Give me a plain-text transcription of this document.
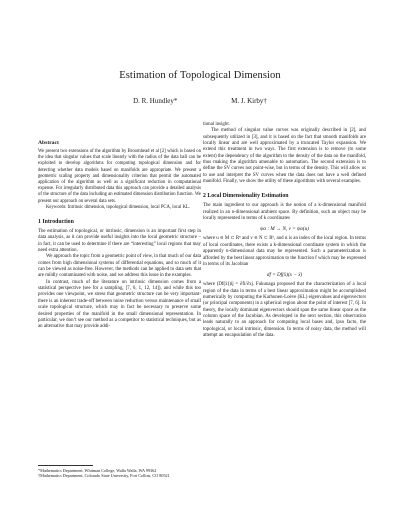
Estimation of Topological Dimension
D. R. Hundley*	M. J. Kirby†
Abstract

We present two extensions of the algorithm by Broomhead et al [2] which is based on the idea that singular values that scale linearly with the radius of the data ball can be exploited to develop algorithms for computing topological dimension and for detecting whether data models based on manifolds are appropriate. We present a geometric scaling property and dimensionality criterion that permit the automated application of the algorithm as well as a significant reduction in computational expense. For irregularly distributed data this approach can provide a detailed analysis of the structure of the data including an estimated dimension distribution function. We present our approach on several data sets.

Keywords: Intrinsic dimension, topological dimension, local PCA, local KL.

1 Introduction

The estimation of topological, or intrinsic, dimension is an important first step in data analysis, as it can provide useful insights into the local geometric structure – in fact, it can be used to determine if there are “interesting” local regions that may need extra attention.

We approach the topic from a geometric point of view, in that much of our data comes from high dimensional systems of differential equations, and so much of it can be viewed as noise-free. However, the methods can be applied to data sets that are mildly contaminated with noise, and we address this issue in the examples.

In contrast, much of the literature on intrinsic dimension comes from a statistical perspective (see for a sampling, [7, 6, 1, 12, 14]), and while this too provides one viewpoint, we stress that geometric structure can be very important- there is an inherent trade-off between noise reduction versus maintenance of small scale topological structure, which may in fact be necessary to preserve some desired properties of the manifold in the small dimensional representation. In particular, we don’t see our method as a competitor to statistical techniques, but as an alternative that may provide addi-

tional insight.

The method of singular value curves was originally described in [2], and subsequently utilized in [3], and it is based on the fact that smooth manifolds are locally linear and are well approximated by a truncated Taylor expansion. We extend this treatment in two ways. The first extension is to remove (to some extent) the dependency of the algorithm to the density of the data on the manifold, thus making the algorithm amenable to automation. The second extension is to define the SV curves not point-wise, but in terms of the density. This will allow us to use and interpret the SV curves when the data does not have a well defined manifold. Finally, we show the utility of these algorithms with several examples.

2 Local Dimensionality Estimation

The main ingredient to our approach is the notion of a k-dimensional manifold realized in an n-dimensional ambient space. By definition, such an object may be locally represented in terms of k coordinates

ψα : M → N, v = ψα(u)

where u ∈ M ⊂ Rⁿ and v ∈ N ⊂ Rᵏ, and α is an index of the local region. In terms of local coordinates, there exists a k-dimensional coordinate system in which the apparently n-dimensional data may be represented. Such a parameterization is afforded by the best linear approximation to the function f which may be expressed in terms of its Jacobian

df = Df(ẍ)(x − ẍ)

where (Df(ẍ))ij = ∂fi/∂xj. Fukunaga proposed that the characterization of a local region of the data in terms of a best linear approximation might be accomplished numerically by computing the Karhunen-Loève (KL) eigenvalues and eigenvectors (or principal components) in a spherical region about the point of interest [7, 6]. In theory, the locally dominant eigenvectors should span the same linear space as the column space of the Jacobian. As developed in the next section, this observation leads naturally to an approach for computing local bases and, ipso facto, the topological, or local intrinsic, dimension. In terms of noisy data, the method will attempt an encapsulation of the data.

*Mathematics Department, Whitman College, Walla Walla, WA 99362

†Mathematics Department, Colorado State University, Fort Collins, CO 80521
